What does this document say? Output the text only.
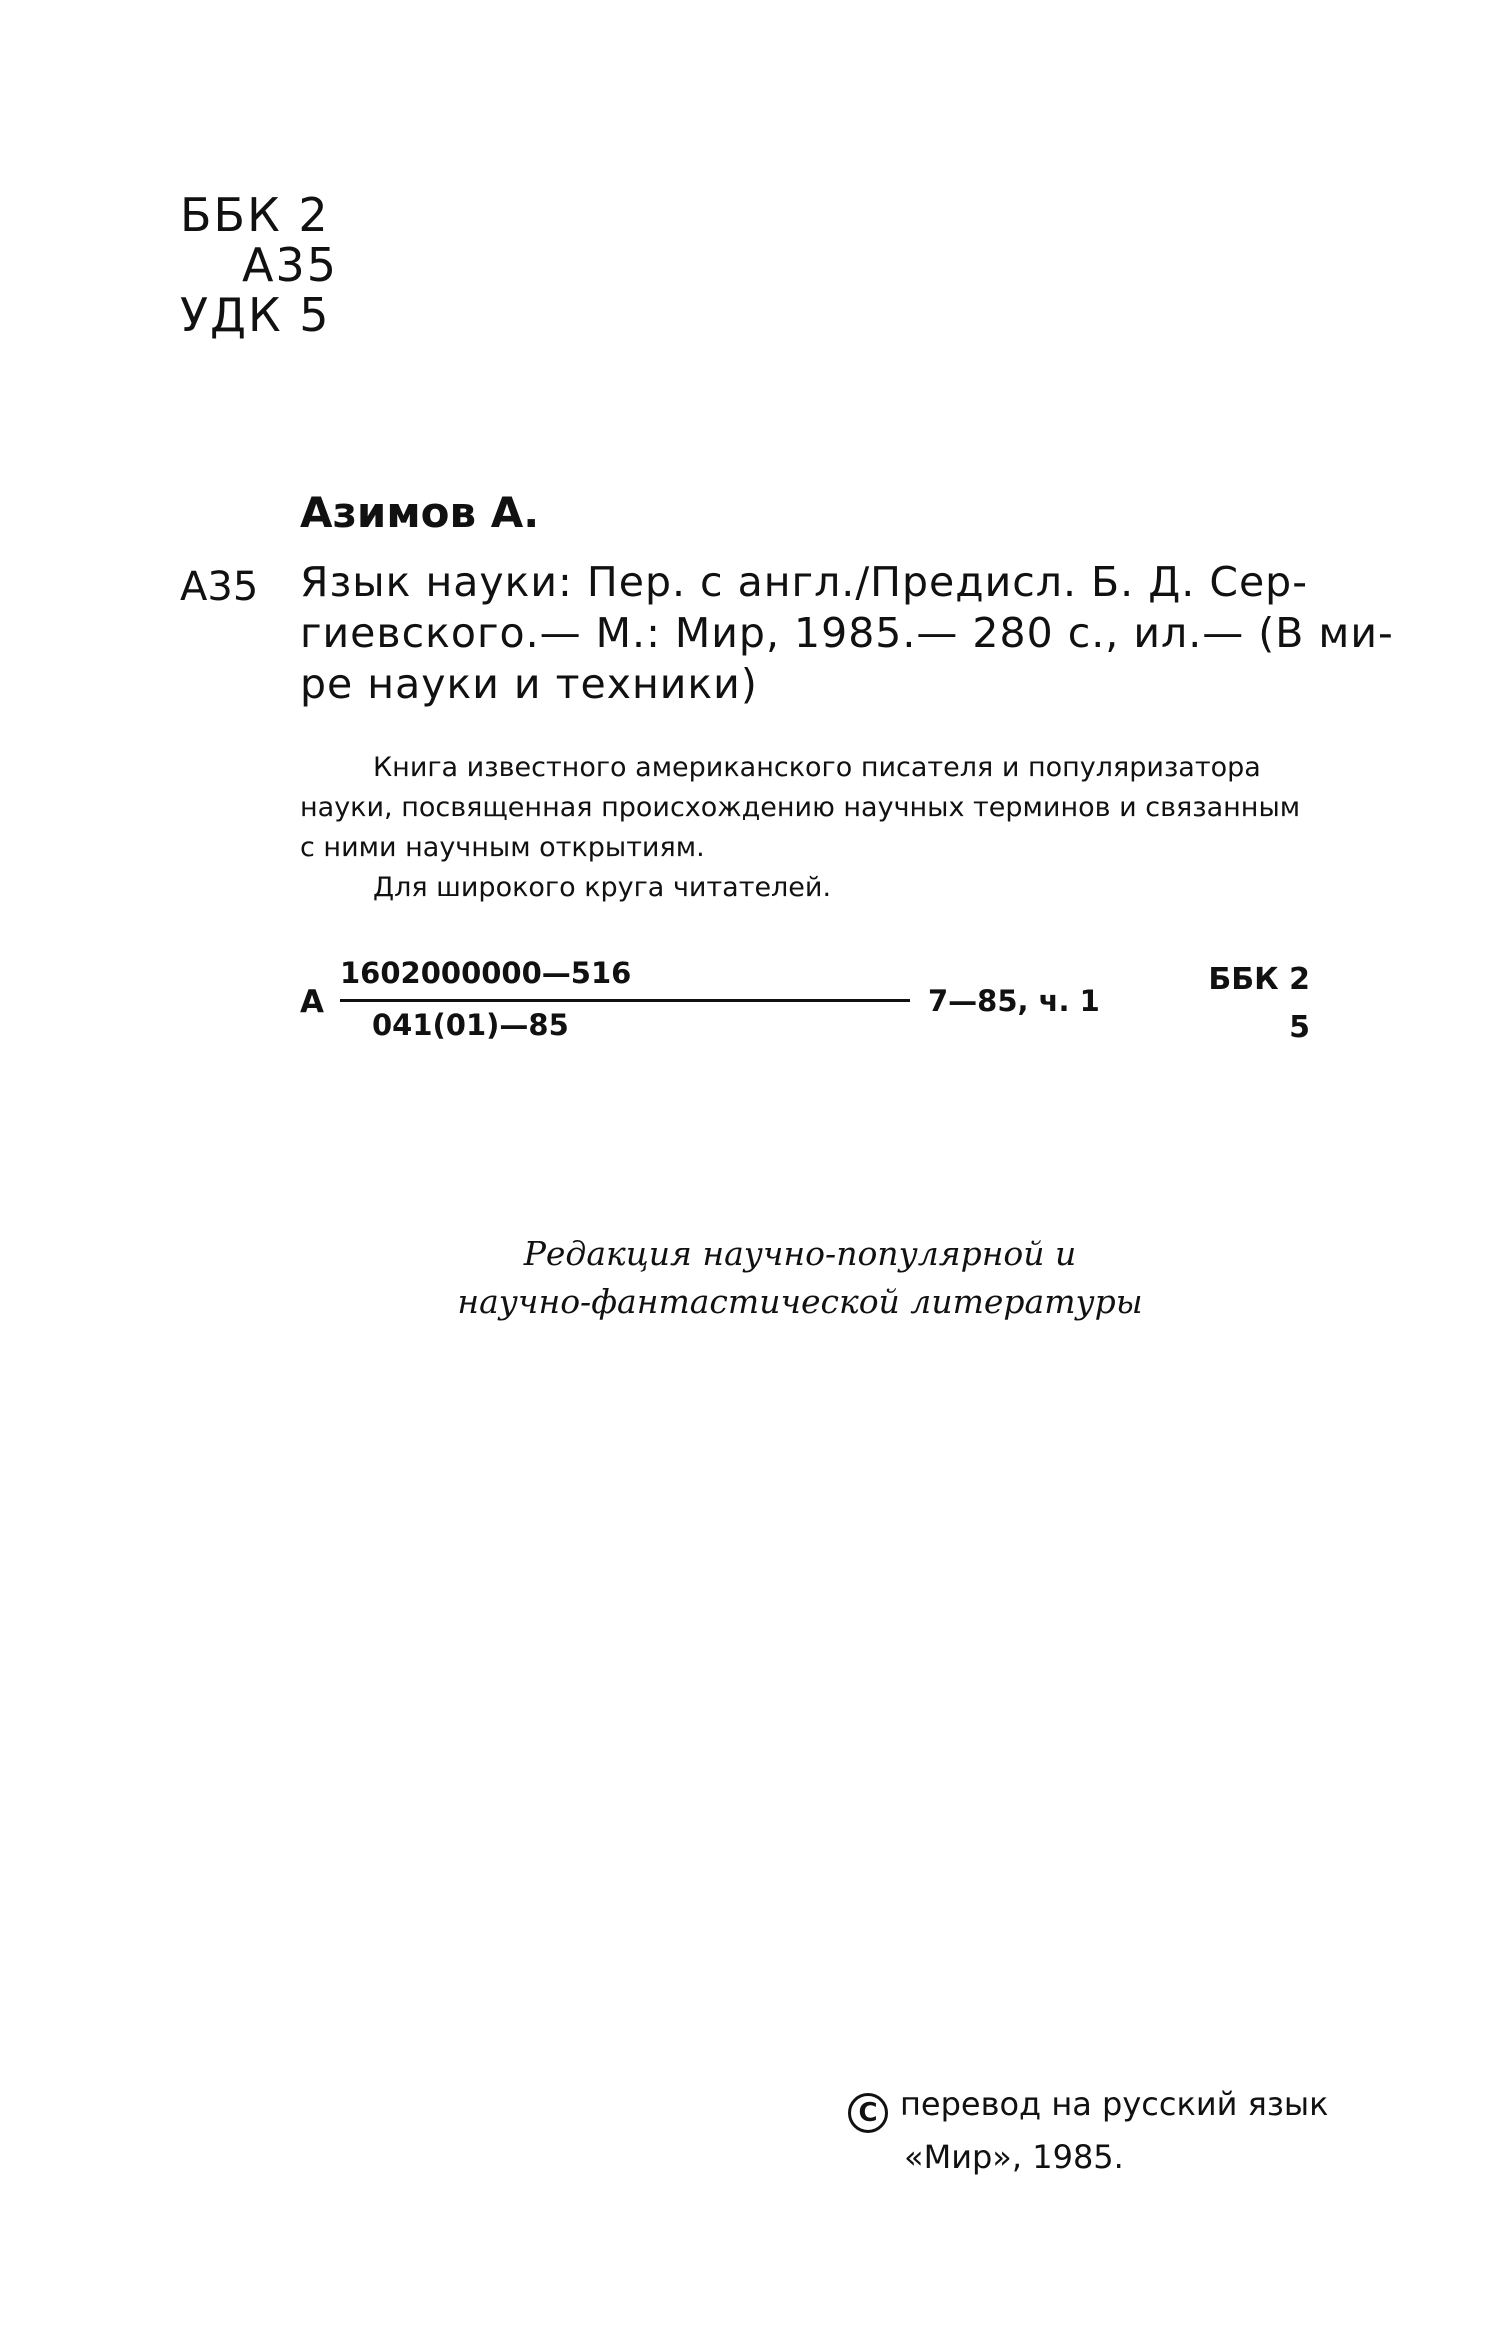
ББК 2
А35
УДК 5
Азимов А.
А35 Язык науки: Пер. с англ./Предисл. Б. Д. Сер-
гиевского.— М.: Мир, 1985.— 280 с., ил.— (В ми-
ре науки и техники)
Книга известного американского писателя и популяризатора
науки, посвященная происхождению научных терминов и связанным
с ними научным открытиям.
Для широкого круга читателей.
А
1602000000—516
041(01)—85
7—85, ч. 1
ББК 2
5
Редакция научно-популярной и
научно-фантастической литературы
C перевод на русский язык
«Мир», 1985.
